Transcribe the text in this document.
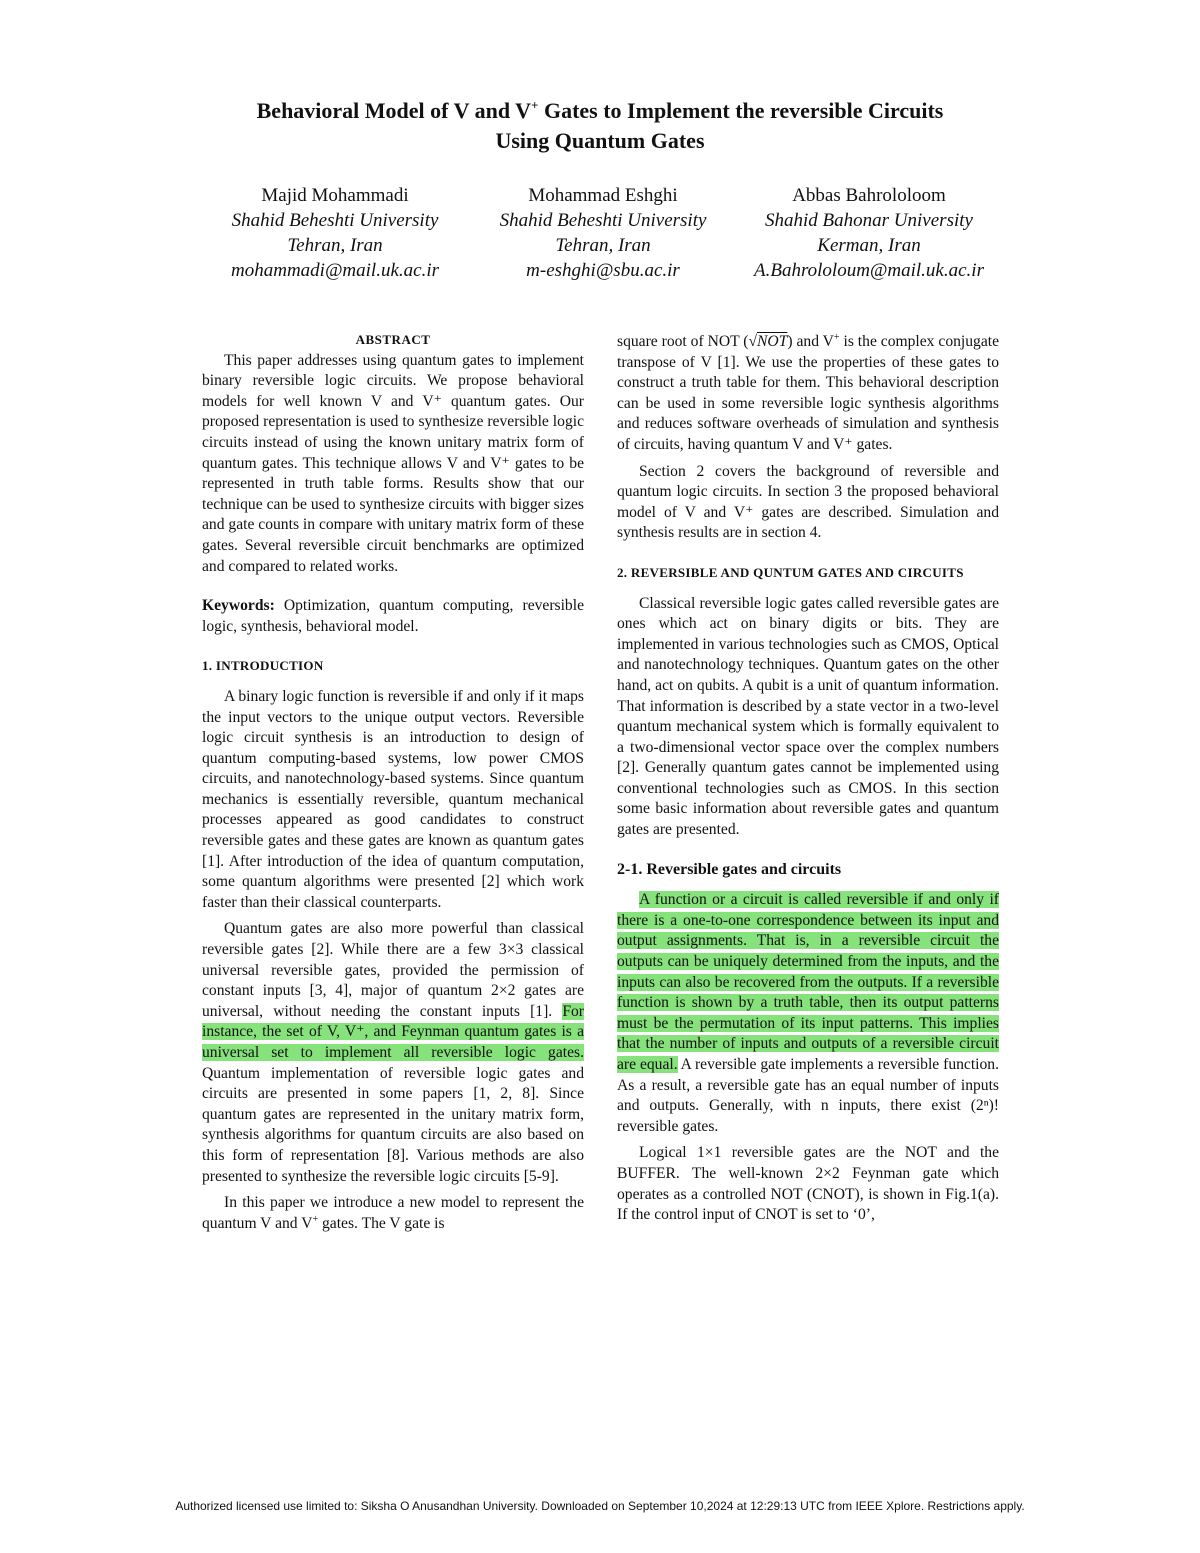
Behavioral Model of V and V+ Gates to Implement the reversible Circuits
Using Quantum Gates
Majid Mohammadi
Shahid Beheshti University
Tehran, Iran
mohammadi@mail.uk.ac.ir
Mohammad Eshghi
Shahid Beheshti University
Tehran, Iran
m-eshghi@sbu.ac.ir
Abbas Bahrololoom
Shahid Bahonar University
Kerman, Iran
A.Bahrololoum@mail.uk.ac.ir

ABSTRACT

This paper addresses using quantum gates to implement binary reversible logic circuits. We propose behavioral models for well known V and V⁺ quantum gates. Our proposed representation is used to synthesize reversible logic circuits instead of using the known unitary matrix form of quantum gates. This technique allows V and V⁺ gates to be represented in truth table forms. Results show that our technique can be used to synthesize circuits with bigger sizes and gate counts in compare with unitary matrix form of these gates. Several reversible circuit benchmarks are optimized and compared to related works.

Keywords: Optimization, quantum computing, reversible logic, synthesis, behavioral model.

1. INTRODUCTION

A binary logic function is reversible if and only if it maps the input vectors to the unique output vectors. Reversible logic circuit synthesis is an introduction to design of quantum computing-based systems, low power CMOS circuits, and nanotechnology-based systems. Since quantum mechanics is essentially reversible, quantum mechanical processes appeared as good candidates to construct reversible gates and these gates are known as quantum gates [1]. After introduction of the idea of quantum computation, some quantum algorithms were presented [2] which work faster than their classical counterparts.

Quantum gates are also more powerful than classical reversible gates [2]. While there are a few 3×3 classical universal reversible gates, provided the permission of constant inputs [3, 4], major of quantum 2×2 gates are universal, without needing the constant inputs [1]. For instance, the set of V, V⁺, and Feynman quantum gates is a universal set to implement all reversible logic gates. Quantum implementation of reversible logic gates and circuits are presented in some papers [1, 2, 8]. Since quantum gates are represented in the unitary matrix form, synthesis algorithms for quantum circuits are also based on this form of representation [8]. Various methods are also presented to synthesize the reversible logic circuits [5-9].

In this paper we introduce a new model to represent the quantum V and V+ gates. The V gate is

square root of NOT (√NOT) and V+ is the complex conjugate transpose of V [1]. We use the properties of these gates to construct a truth table for them. This behavioral description can be used in some reversible logic synthesis algorithms and reduces software overheads of simulation and synthesis of circuits, having quantum V and V⁺ gates.

Section 2 covers the background of reversible and quantum logic circuits. In section 3 the proposed behavioral model of V and V⁺ gates are described. Simulation and synthesis results are in section 4.

2. REVERSIBLE AND QUNTUM GATES AND CIRCUITS

Classical reversible logic gates called reversible gates are ones which act on binary digits or bits. They are implemented in various technologies such as CMOS, Optical and nanotechnology techniques. Quantum gates on the other hand, act on qubits. A qubit is a unit of quantum information. That information is described by a state vector in a two-level quantum mechanical system which is formally equivalent to a two-dimensional vector space over the complex numbers [2]. Generally quantum gates cannot be implemented using conventional technologies such as CMOS. In this section some basic information about reversible gates and quantum gates are presented.

2-1. Reversible gates and circuits

A function or a circuit is called reversible if and only if there is a one-to-one correspondence between its input and output assignments. That is, in a reversible circuit the outputs can be uniquely determined from the inputs, and the inputs can also be recovered from the outputs. If a reversible function is shown by a truth table, then its output patterns must be the permutation of its input patterns. This implies that the number of inputs and outputs of a reversible circuit are equal. A reversible gate implements a reversible function. As a result, a reversible gate has an equal number of inputs and outputs. Generally, with n inputs, there exist (2ⁿ)! reversible gates.

Logical 1×1 reversible gates are the NOT and the BUFFER. The well-known 2×2 Feynman gate which operates as a controlled NOT (CNOT), is shown in Fig.1(a). If the control input of CNOT is set to ‘0’,

Authorized licensed use limited to: Siksha O Anusandhan University. Downloaded on September 10,2024 at 12:29:13 UTC from IEEE Xplore. Restrictions apply.
